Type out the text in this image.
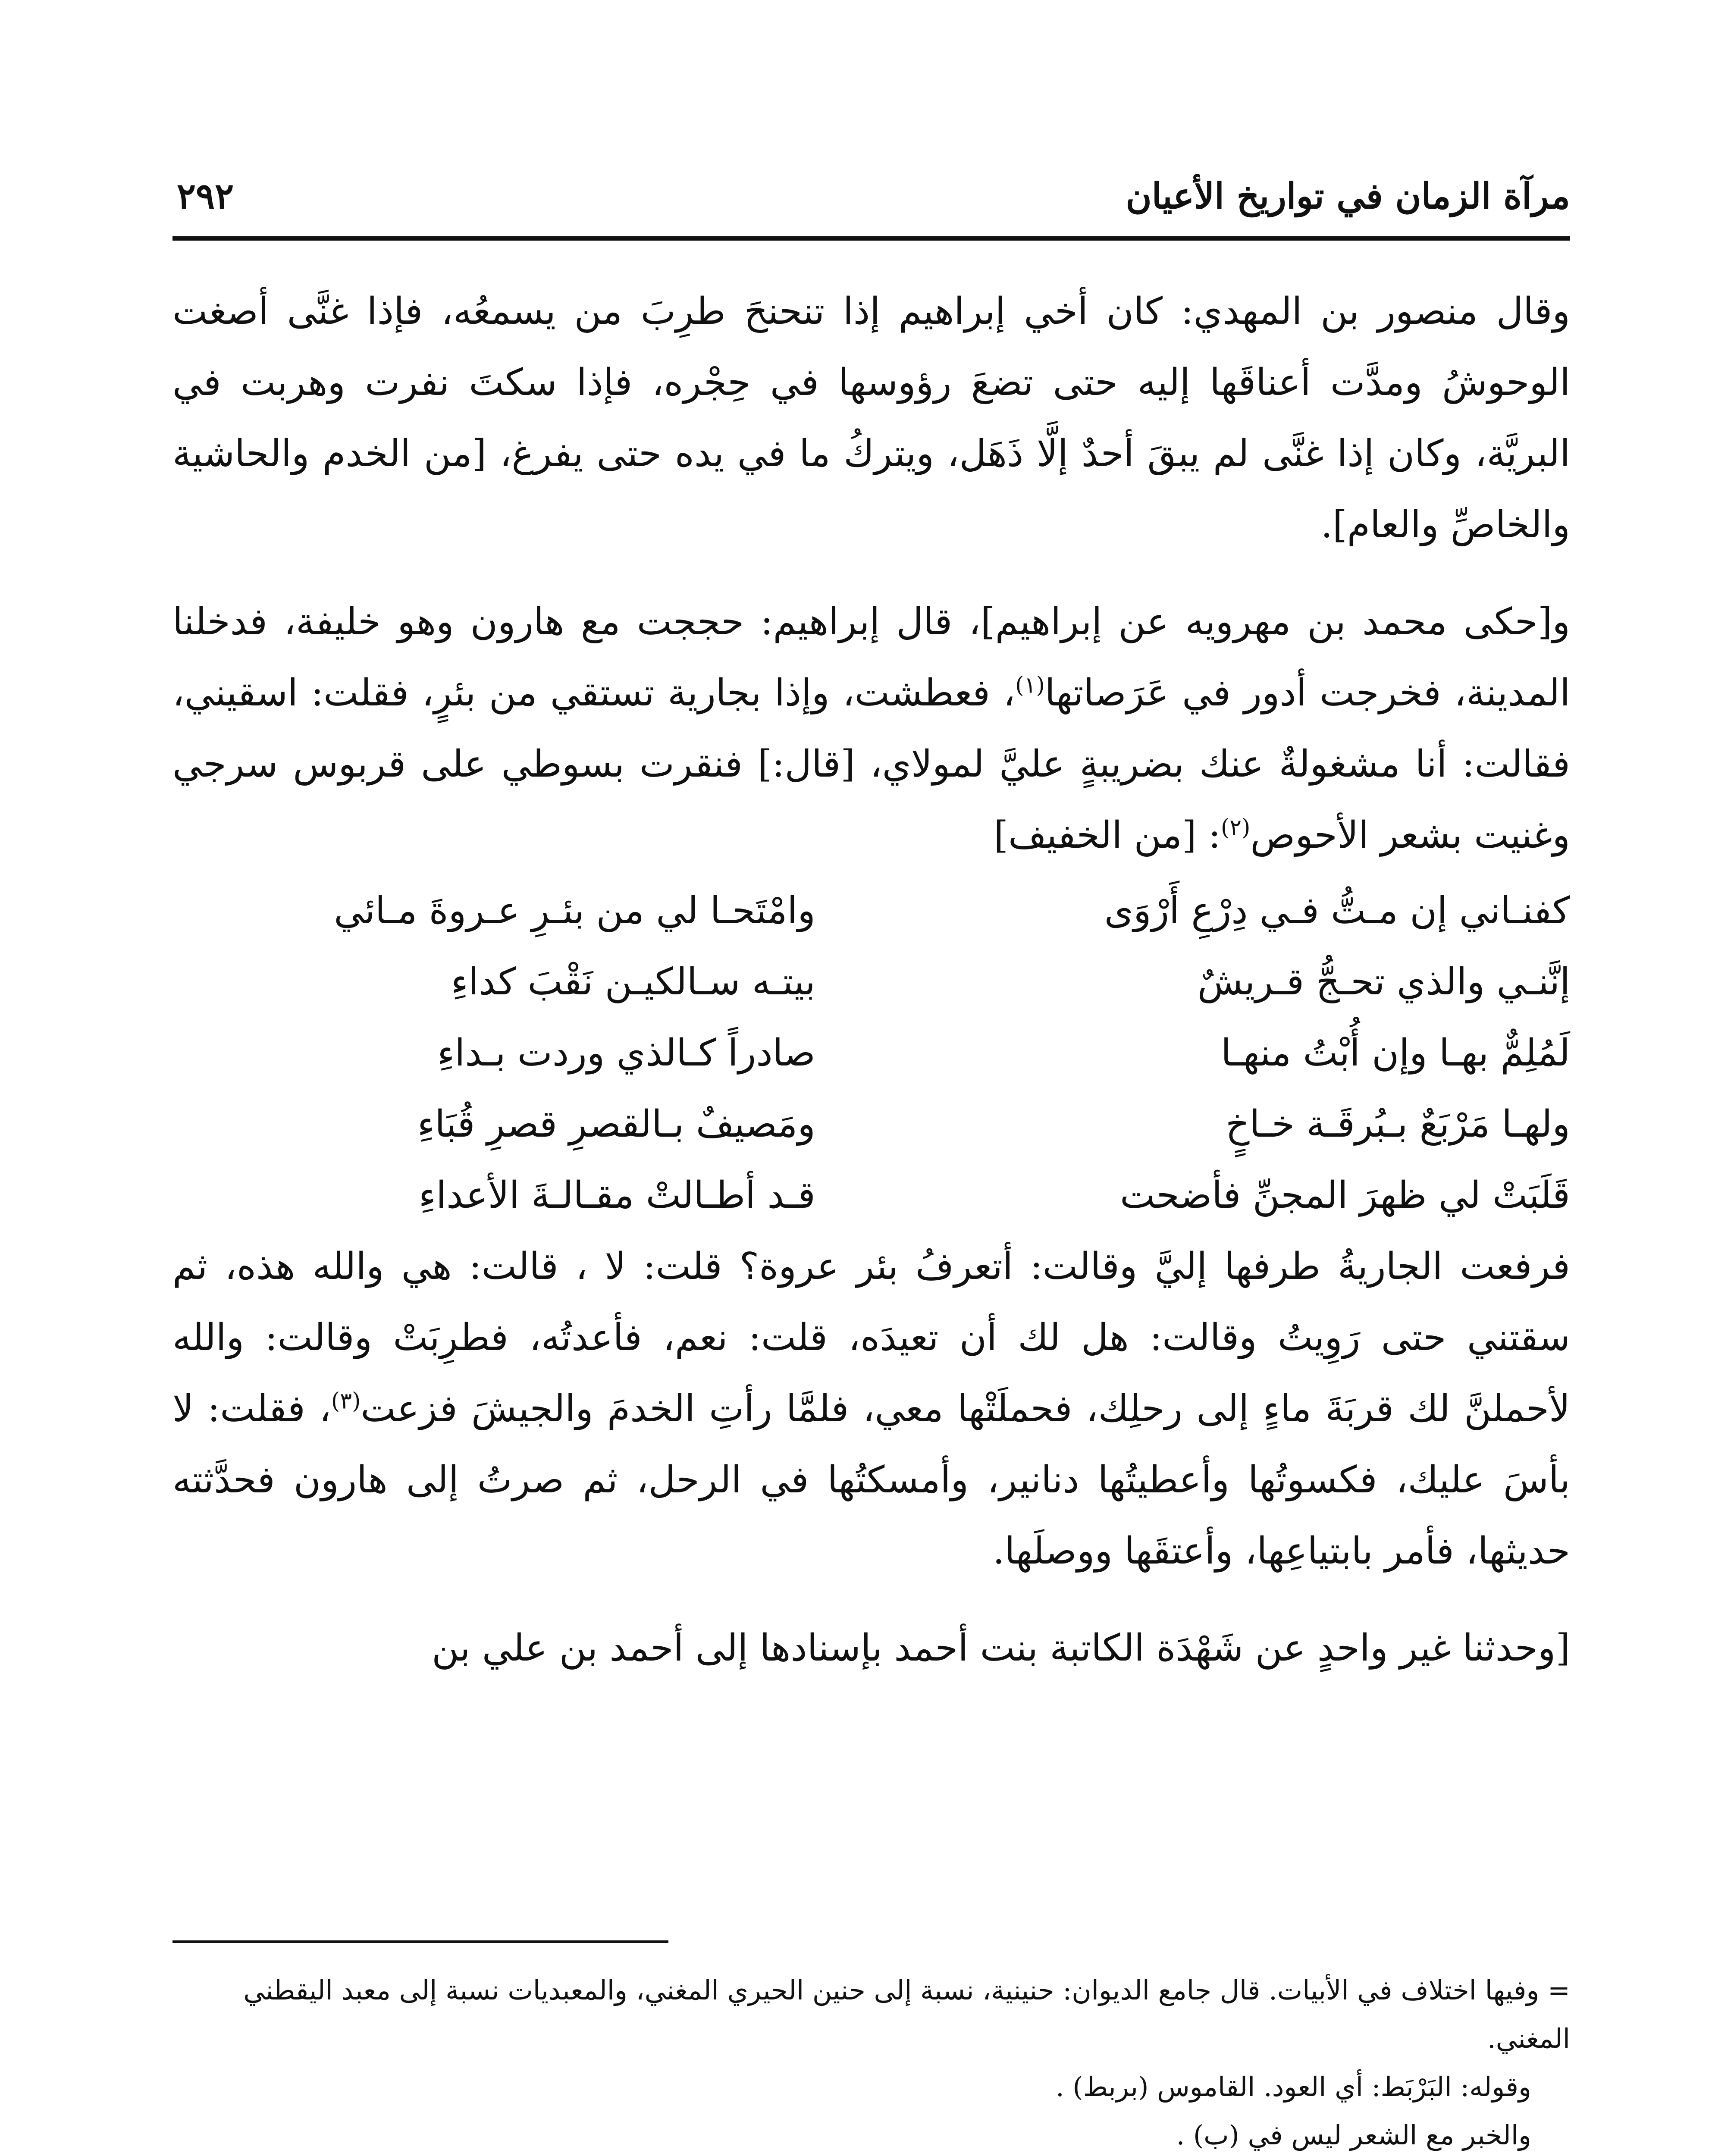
مرآة الزمان في تواريخ الأعيان
٢٩٢

وقال منصور بن المهدي: كان أخي إبراهيم إذا تنحنحَ طرِبَ من يسمعُه، فإذا غنَّى أصغت الوحوشُ ومدَّت أعناقَها إليه حتى تضعَ رؤوسها في حِجْره، فإذا سكتَ نفرت وهربت في البريَّة، وكان إذا غنَّى لم يبقَ أحدٌ إلَّا ذَهَل، ويتركُ ما في يده حتى يفرغ، [من الخدم والحاشية والخاصِّ والعام].

و[حكى محمد بن مهرويه عن إبراهيم]، قال إبراهيم: حججت مع هارون وهو خليفة، فدخلنا المدينة، فخرجت أدور في عَرَصاتها$^{(١)}$، فعطشت، وإذا بجارية تستقي من بئرٍ، فقلت: اسقيني، فقالت: أنا مشغولةٌ عنك بضريبةٍ عليَّ لمولاي، [قال:] فنقرت بسوطي على قربوس سرجي وغنيت بشعر الأحوص$^{(٢)}$: [من الخفيف]

كفنـاني إن مـتُّ فـي دِرْعِ أَرْوَى
وامْتَحـا لي من بئـرِ عـروةَ مـائي
إنَّنـي والذي تحـجُّ قـريشٌ
بيتـه سـالكيـن نَقْبَ كداءِ
لَمُلِمٌّ بهـا وإن أُبْتُ منهـا
صادراً كـالذي وردت بـداءِ
ولهـا مَرْبَعٌ بـبُرقَـة خـاخٍ
ومَصيفٌ بـالقصرِ قصرِ قُبَاءِ
قَلَبَتْ لي ظهرَ المجنِّ فأضحت
قـد أطـالتْ مقـالـةَ الأعداءِ

فرفعت الجاريةُ طرفها إليَّ وقالت: أتعرفُ بئر عروة؟ قلت: لا ، قالت: هي والله هذه، ثم سقتني حتى رَوِيتُ وقالت: هل لك أن تعيدَه، قلت: نعم، فأعدتُه، فطرِبَتْ وقالت: والله لأحملنَّ لك قربَةَ ماءٍ إلى رحلِك، فحملَتْها معي، فلمَّا رأتِ الخدمَ والجيشَ فزعت$^{(٣)}$، فقلت: لا بأسَ عليك، فكسوتُها وأعطيتُها دنانير، وأمسكتُها في الرحل، ثم صرتُ إلى هارون فحدَّثته حديثها، فأمر بابتياعِها، وأعتقَها ووصلَها.

[وحدثنا غير واحدٍ عن شَهْدَة الكاتبة بنت أحمد بإسنادها إلى أحمد بن علي بن

= وفيها اختلاف في الأبيات. قال جامع الديوان: حنينية، نسبة إلى حنين الحيري المغني، والمعبديات نسبة إلى معبد اليقطني المغني.

وقوله: البَرْبَط: أي العود. القاموس (بربط) .

والخبر مع الشعر ليس في (ب) .
